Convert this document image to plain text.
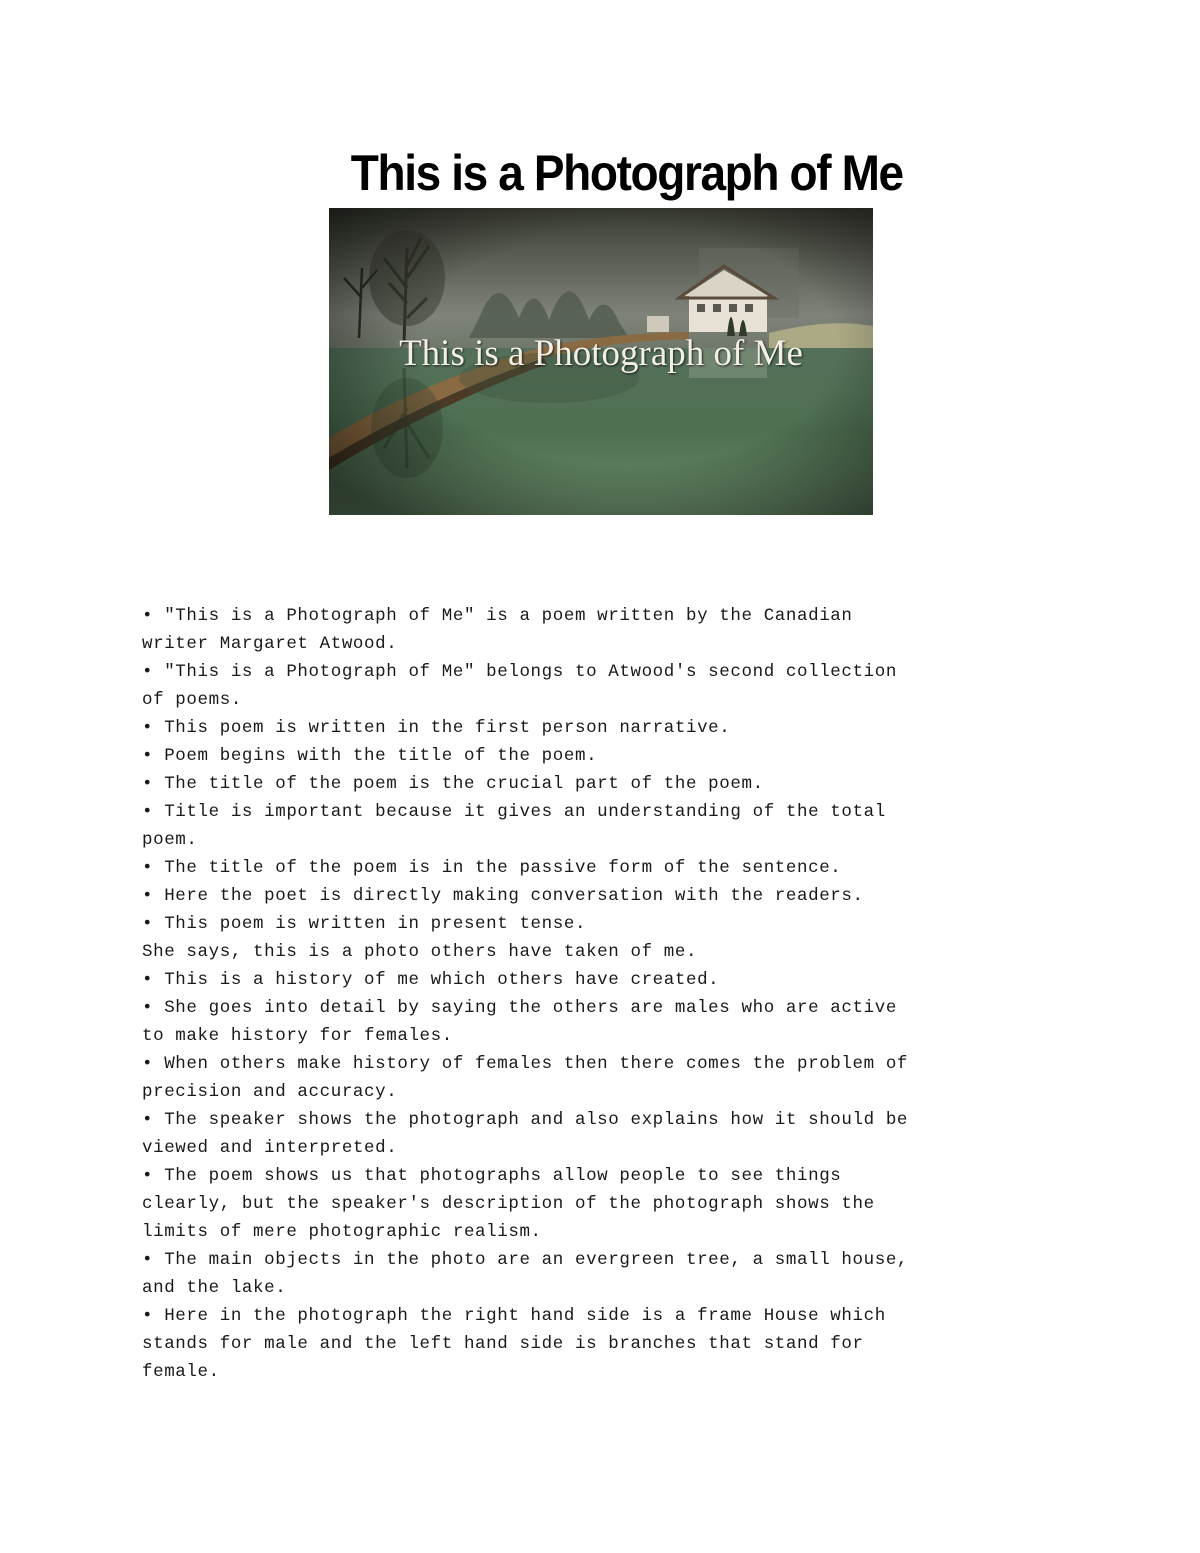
This is a Photograph of Me
This is a Photograph of Me
• "This is a Photograph of Me" is a poem written by the Canadian
writer Margaret Atwood.
• "This is a Photograph of Me" belongs to Atwood's second collection
of poems.
• This poem is written in the first person narrative.
• Poem begins with the title of the poem.
• The title of the poem is the crucial part of the poem.
• Title is important because it gives an understanding of the total
poem.
• The title of the poem is in the passive form of the sentence.
• Here the poet is directly making conversation with the readers.
• This poem is written in present tense.
She says, this is a photo others have taken of me.
• This is a history of me which others have created.
• She goes into detail by saying the others are males who are active
to make history for females.
• When others make history of females then there comes the problem of
precision and accuracy.
• The speaker shows the photograph and also explains how it should be
viewed and interpreted.
• The poem shows us that photographs allow people to see things
clearly, but the speaker's description of the photograph shows the
limits of mere photographic realism.
• The main objects in the photo are an evergreen tree, a small house,
and the lake.
• Here in the photograph the right hand side is a frame House which
stands for male and the left hand side is branches that stand for
female.
